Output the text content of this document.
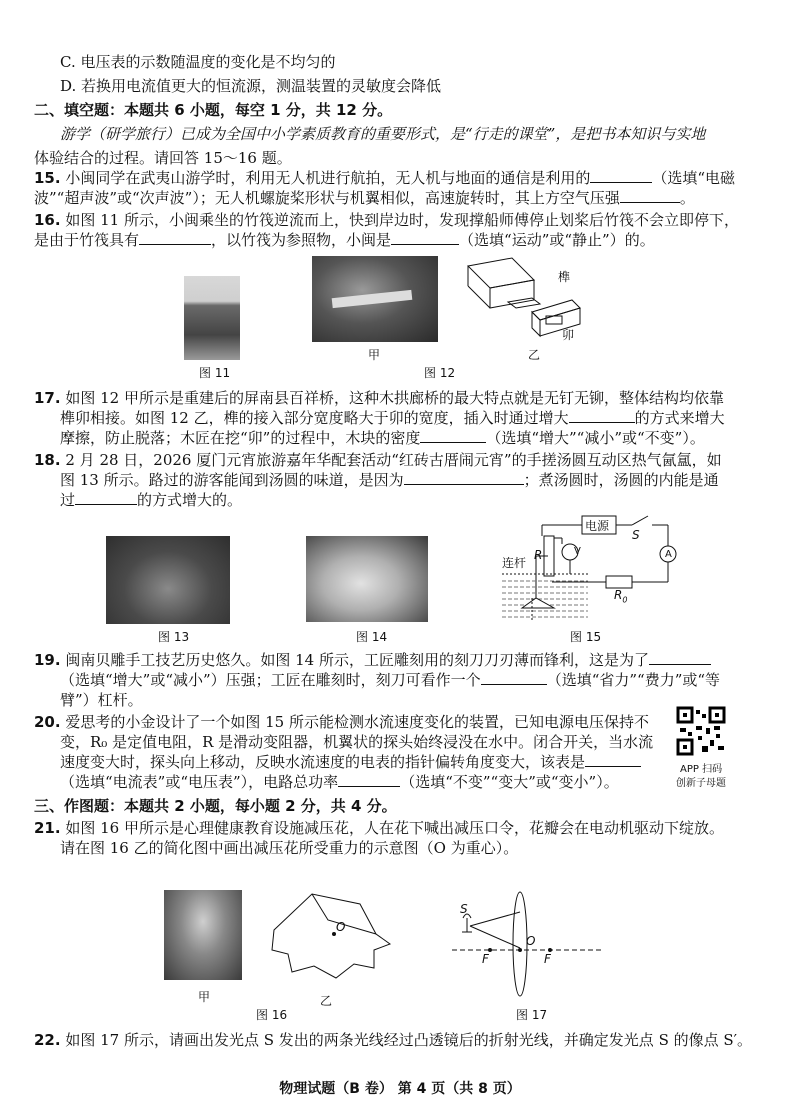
C. 电压表的示数随温度的变化是不均匀的
D. 若换用电流值更大的恒流源，测温装置的灵敏度会降低
二、填空题：本题共 6 小题，每空 1 分，共 12 分。
游学（研学旅行）已成为全国中小学素质教育的重要形式，是“行走的课堂”，是把书本知识与实地
体验结合的过程。请回答 15～16 题。
15. 小闽同学在武夷山游学时，利用无人机进行航拍，无人机与地面的通信是利用的	（选填“电磁
波”“超声波”或“次声波”）；无人机螺旋桨形状与机翼相似，高速旋转时，其上方空气压强	。
16. 如图 11 所示，小闽乘坐的竹筏逆流而上，快到岸边时，发现撑船师傅停止划桨后竹筏不会立即停下，
是由于竹筏具有	，以竹筏为参照物，小闽是	（选填“运动”或“静止”）的。
图 11
甲
图 12
榫
卯
乙
17. 如图 12 甲所示是重建后的屏南县百祥桥，这种木拱廊桥的最大特点就是无钉无铆，整体结构均依靠
榫卯相接。如图 12 乙，榫的接入部分宽度略大于卯的宽度，插入时通过增大	的方式来增大
摩擦，防止脱落；木匠在挖“卯”的过程中，木块的密度	（选填“增大”“减小”或“不变”）。
18. 2 月 28 日，2026 厦门元宵旅游嘉年华配套活动“红砖古厝闹元宵”的手搓汤圆互动区热气氤氲，如
图 13 所示。路过的游客能闻到汤圆的味道，是因为	；煮汤圆时，汤圆的内能是通
过	的方式增大的。
图 13	图 14
电源
连杆
S
R	V	A
$R_0$
图 15
19. 闽南贝雕手工技艺历史悠久。如图 14 所示，工匠雕刻用的刻刀刀刃薄而锋利，这是为了
（选填“增大”或“减小”）压强；工匠在雕刻时，刻刀可看作一个	（选填“省力”“费力”或“等
臂”）杠杆。
20. 爱思考的小金设计了一个如图 15 所示能检测水流速度变化的装置，已知电源电压保持不
变，R₀ 是定值电阻，R 是滑动变阻器，机翼状的探头始终浸没在水中。闭合开关，当水流
速度变大时，探头向上移动，反映水流速度的电表的指针偏转角度变大，该表是
（选填“电流表”或“电压表”），电路总功率	（选填“不变”“变大”或“变小”）。
APP 扫码
创新子母题
三、作图题：本题共 2 小题，每小题 2 分，共 4 分。
21. 如图 16 甲所示是心理健康教育设施减压花，人在花下喊出减压口令，花瓣会在电动机驱动下绽放。
请在图 16 乙的简化图中画出减压花所受重力的示意图（O 为重心）。
甲
O
乙
图 16
S
O
F	F
图 17
22. 如图 17 所示，请画出发光点 S 发出的两条光线经过凸透镜后的折射光线，并确定发光点 S 的像点 S′。
物理试题（B 卷） 第 4 页（共 8 页）
